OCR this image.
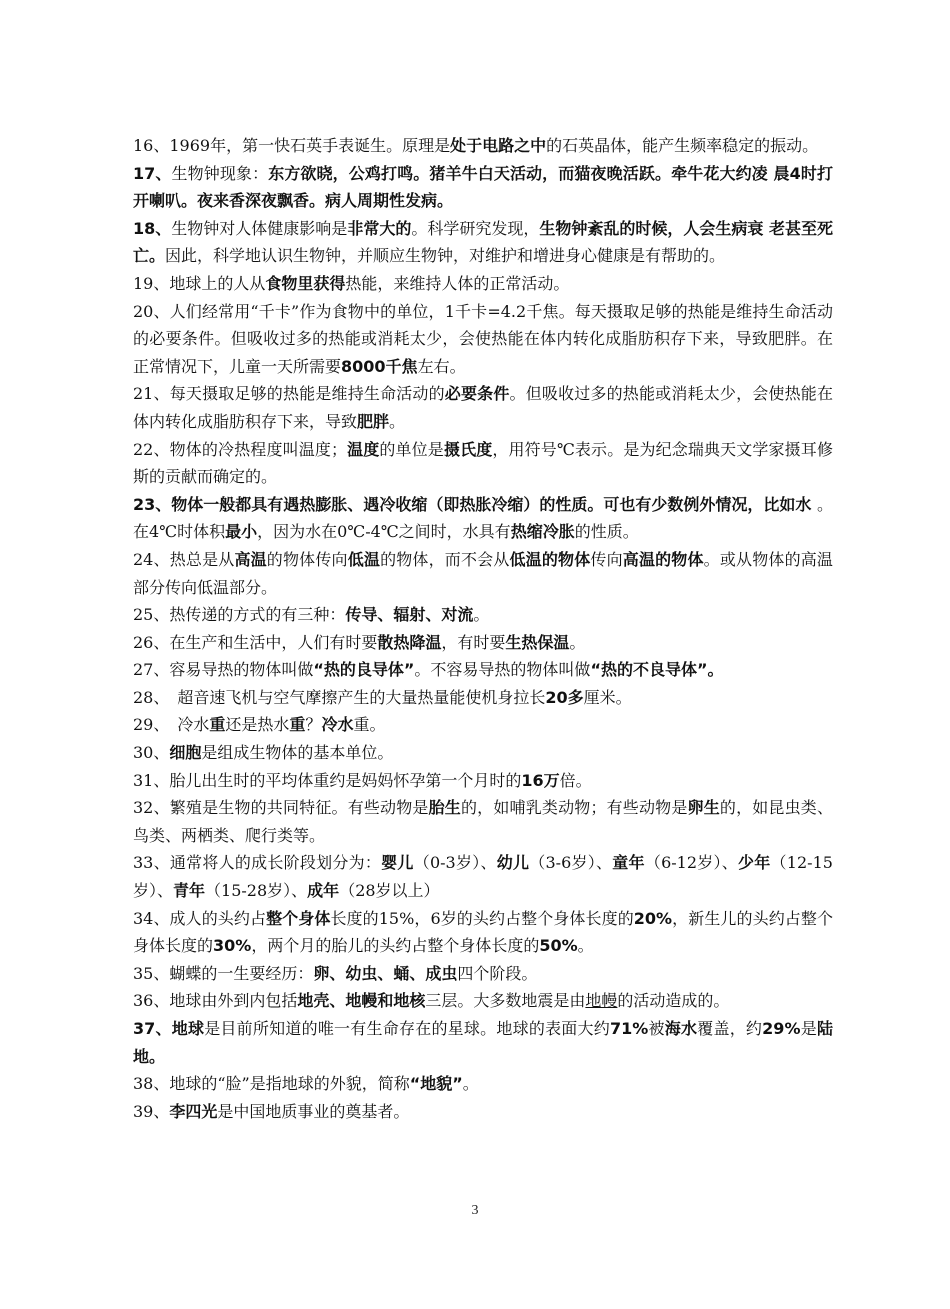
16、1969年，第一快石英手表诞生。原理是处于电路之中的石英晶体，能产生频率稳定的振动。

17、生物钟现象：东方欲晓，公鸡打鸣。猪羊牛白天活动，而猫夜晚活跃。牵牛花大约凌 晨4时打开喇叭。夜来香深夜飘香。病人周期性发病。

18、生物钟对人体健康影响是非常大的。科学研究发现，生物钟紊乱的时候，人会生病衰 老甚至死亡。因此，科学地认识生物钟，并顺应生物钟，对维护和增进身心健康是有帮助的。

19、地球上的人从食物里获得热能，来维持人体的正常活动。

20、人们经常用“千卡”作为食物中的单位，1千卡=4.2千焦。每天摄取足够的热能是维持生命活动的必要条件。但吸收过多的热能或消耗太少，会使热能在体内转化成脂肪积存下来，导致肥胖。在正常情况下，儿童一天所需要8000千焦左右。

21、每天摄取足够的热能是维持生命活动的必要条件。但吸收过多的热能或消耗太少，会使热能在体内转化成脂肪积存下来，导致肥胖。

22、物体的冷热程度叫温度；温度的单位是摄氏度，用符号℃表示。是为纪念瑞典天文学家摄耳修斯的贡献而确定的。

23、物体一般都具有遇热膨胀、遇冷收缩（即热胀冷缩）的性质。可也有少数例外情况，比如水 。在4℃时体积最小，因为水在0℃-4℃之间时，水具有热缩冷胀的性质。

24、热总是从高温的物体传向低温的物体，而不会从低温的物体传向高温的物体。或从物体的高温部分传向低温部分。

25、热传递的方式的有三种：传导、辐射、对流。

26、在生产和生活中，人们有时要散热降温，有时要生热保温。

27、容易导热的物体叫做“热的良导体”。不容易导热的物体叫做“热的不良导体”。

28、　超音速飞机与空气摩擦产生的大量热量能使机身拉长20多厘米。

29、　冷水重还是热水重？冷水重。

30、细胞是组成生物体的基本单位。

31、胎儿出生时的平均体重约是妈妈怀孕第一个月时的16万倍。

32、繁殖是生物的共同特征。有些动物是胎生的，如哺乳类动物；有些动物是卵生的，如昆虫类、鸟类、两栖类、爬行类等。

33、通常将人的成长阶段划分为：婴儿（0-3岁）、幼儿（3-6岁）、童年（6-12岁）、少年（12-15岁）、青年（15-28岁）、成年（28岁以上）

34、成人的头约占整个身体长度的15%，6岁的头约占整个身体长度的20%，新生儿的头约占整个身体长度的30%，两个月的胎儿的头约占整个身体长度的50%。

35、蝴蝶的一生要经历：卵、幼虫、蛹、成虫四个阶段。

36、地球由外到内包括地壳、地幔和地核三层。大多数地震是由地幔的活动造成的。

37、地球是目前所知道的唯一有生命存在的星球。地球的表面大约71%被海水覆盖，约29%是陆地。

38、地球的“脸”是指地球的外貌，简称“地貌”。

39、李四光是中国地质事业的奠基者。

3
